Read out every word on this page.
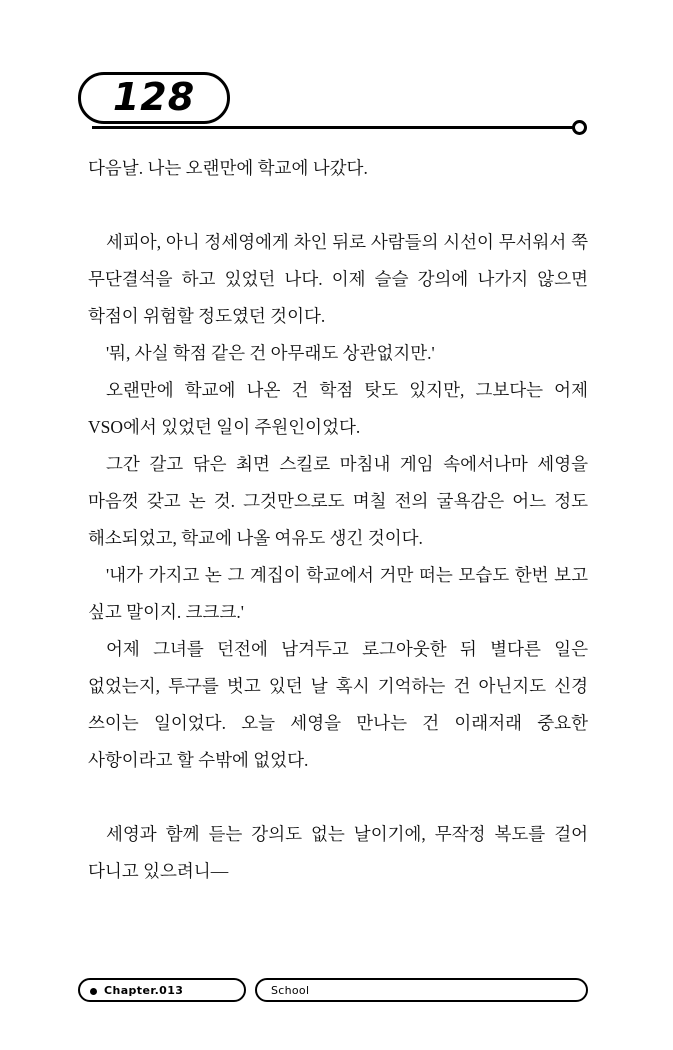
128

다음날. 나는 오랜만에 학교에 나갔다.

세피아, 아니 정세영에게 차인 뒤로 사람들의 시선이 무서워서 쭉 무단결석을 하고 있었던 나다. 이제 슬슬 강의에 나가지 않으면 학점이 위험할 정도였던 것이다.

'뭐, 사실 학점 같은 건 아무래도 상관없지만.'

오랜만에 학교에 나온 건 학점 탓도 있지만, 그보다는 어제 VSO에서 있었던 일이 주원인이었다.

그간 갈고 닦은 최면 스킬로 마침내 게임 속에서나마 세영을 마음껏 갖고 논 것. 그것만으로도 며칠 전의 굴욕감은 어느 정도 해소되었고, 학교에 나올 여유도 생긴 것이다.

'내가 가지고 논 그 계집이 학교에서 거만 떠는 모습도 한번 보고 싶고 말이지. 크크크.'

어제 그녀를 던전에 남겨두고 로그아웃한 뒤 별다른 일은 없었는지, 투구를 벗고 있던 날 혹시 기억하는 건 아닌지도 신경 쓰이는 일이었다. 오늘 세영을 만나는 건 이래저래 중요한 사항이라고 할 수밖에 없었다.

세영과 함께 듣는 강의도 없는 날이기에, 무작정 복도를 걸어 다니고 있으려니―

Chapter.013	School
